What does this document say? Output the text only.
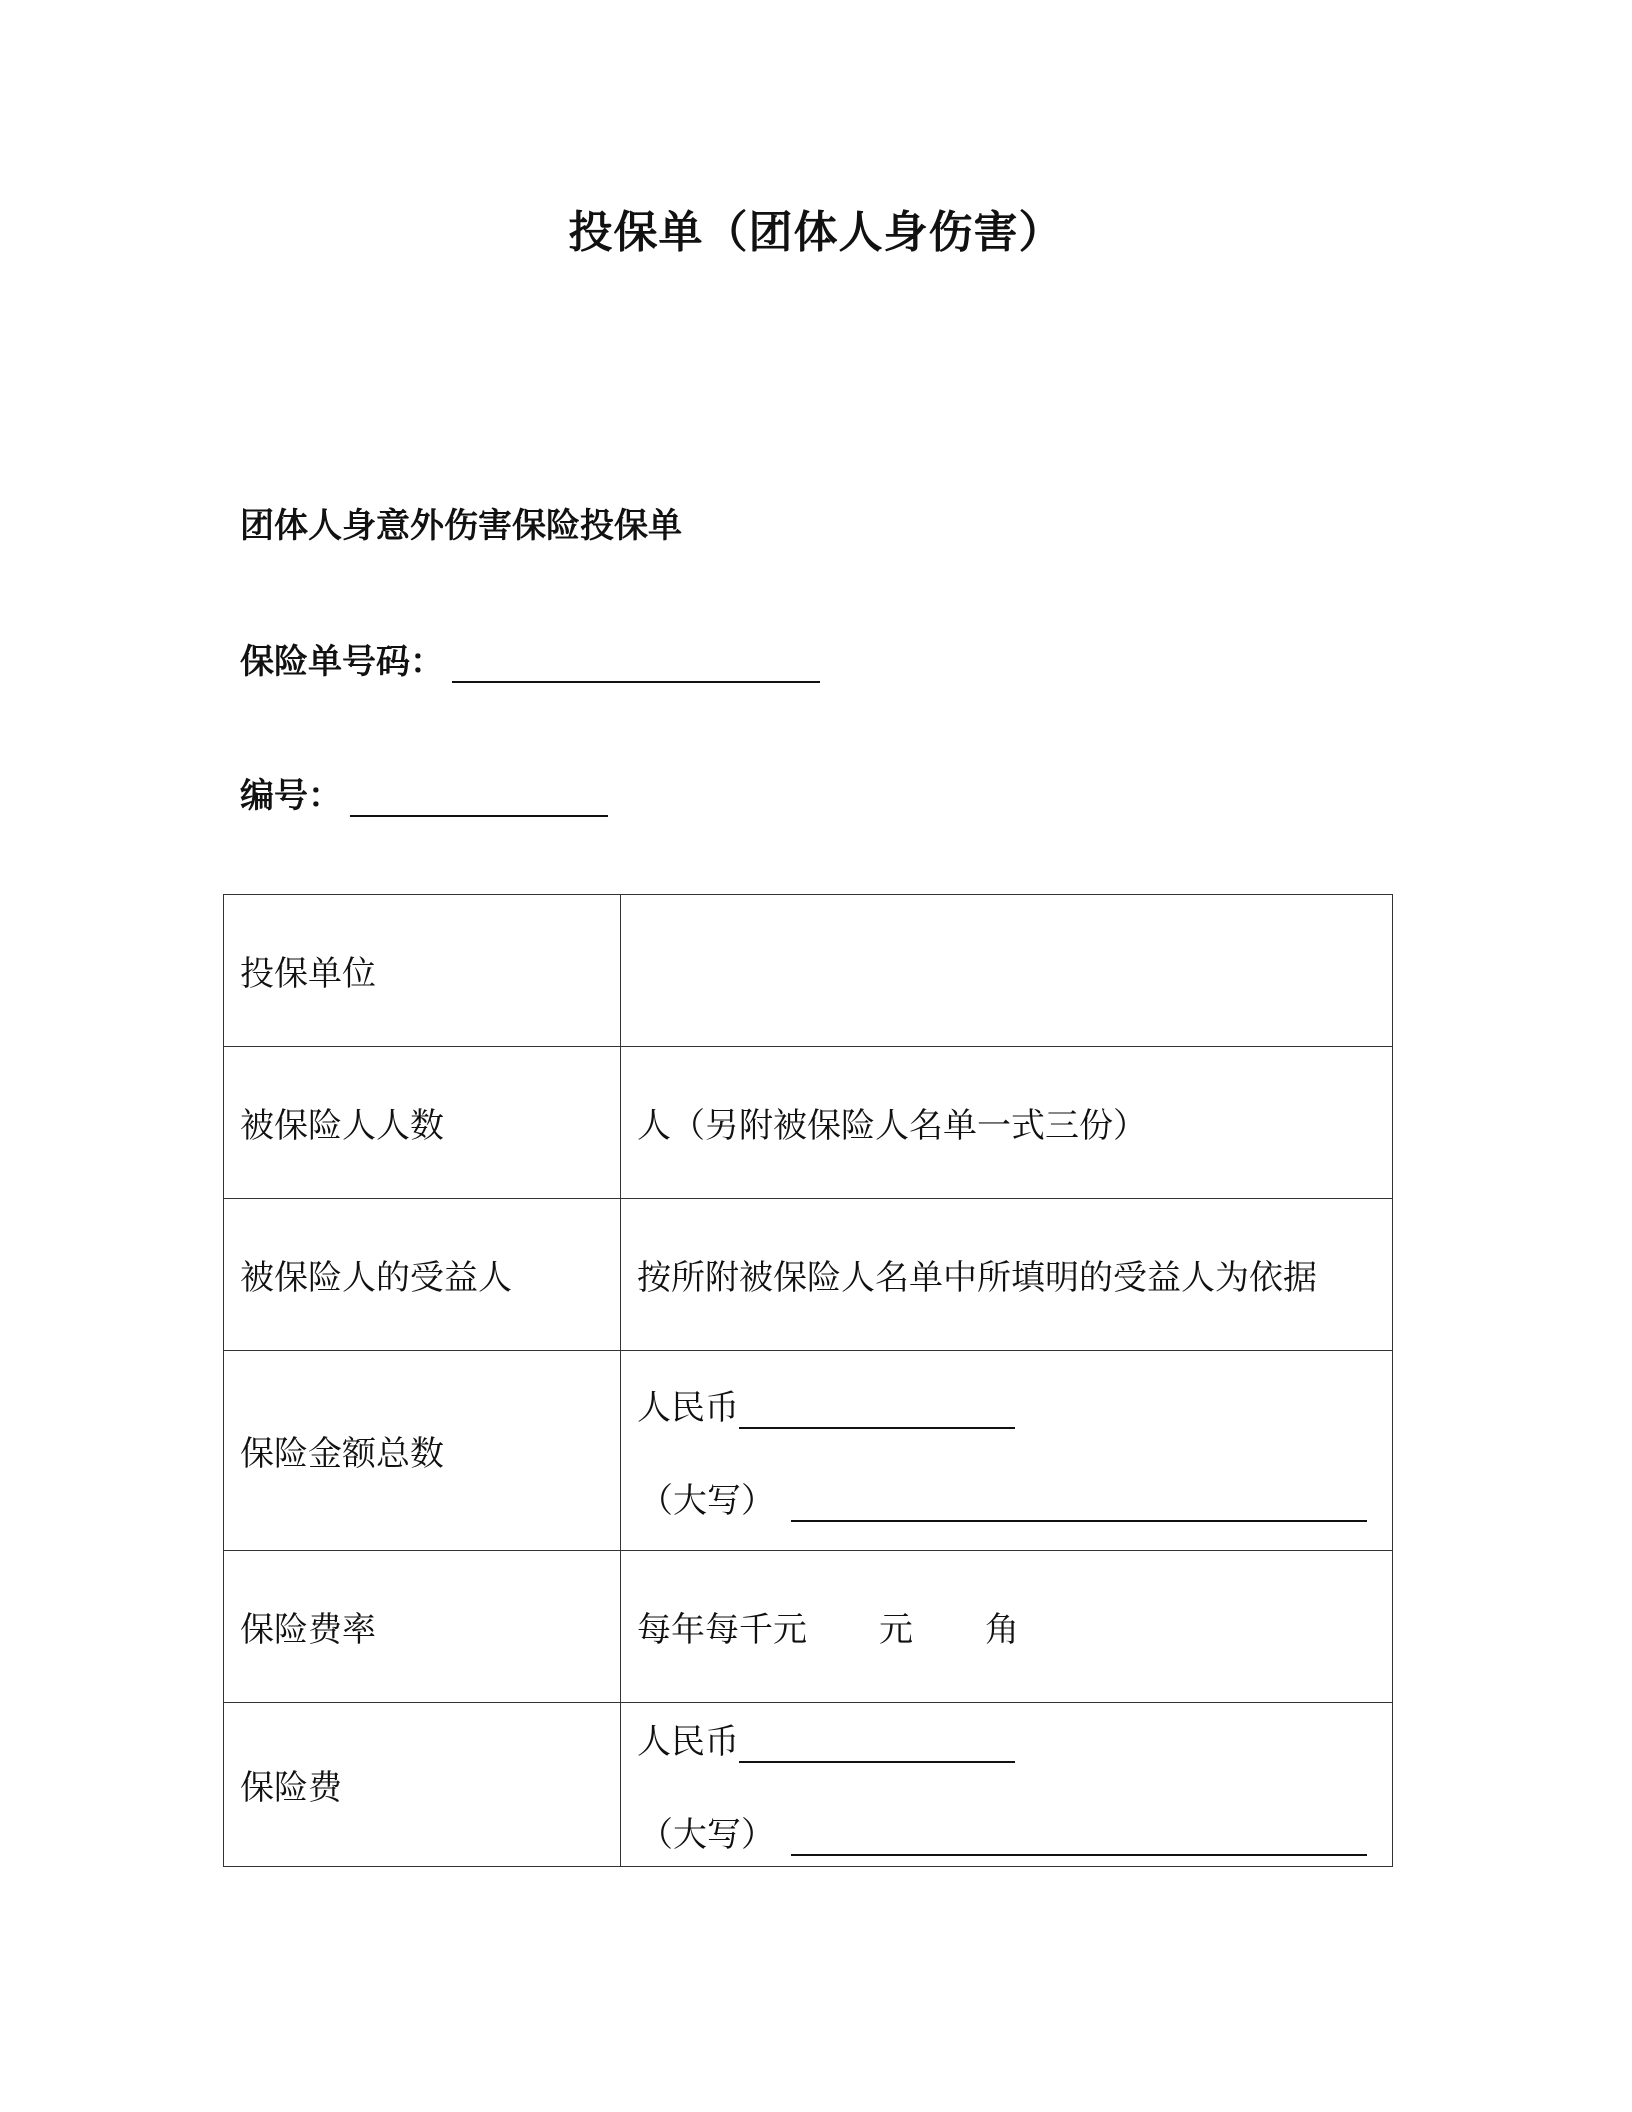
投保单（团体人身伤害）
团体人身意外伤害保险投保单
保险单号码：
编号：
投保单位	
被保险人人数	人（另附被保险人名单一式三份）
被保险人的受益人	按所附被保险人名单中所填明的受益人为依据
保险金额总数	人民币
（大写）

保险费率	每年每千元 元 角
保险费	人民币
（大写）
